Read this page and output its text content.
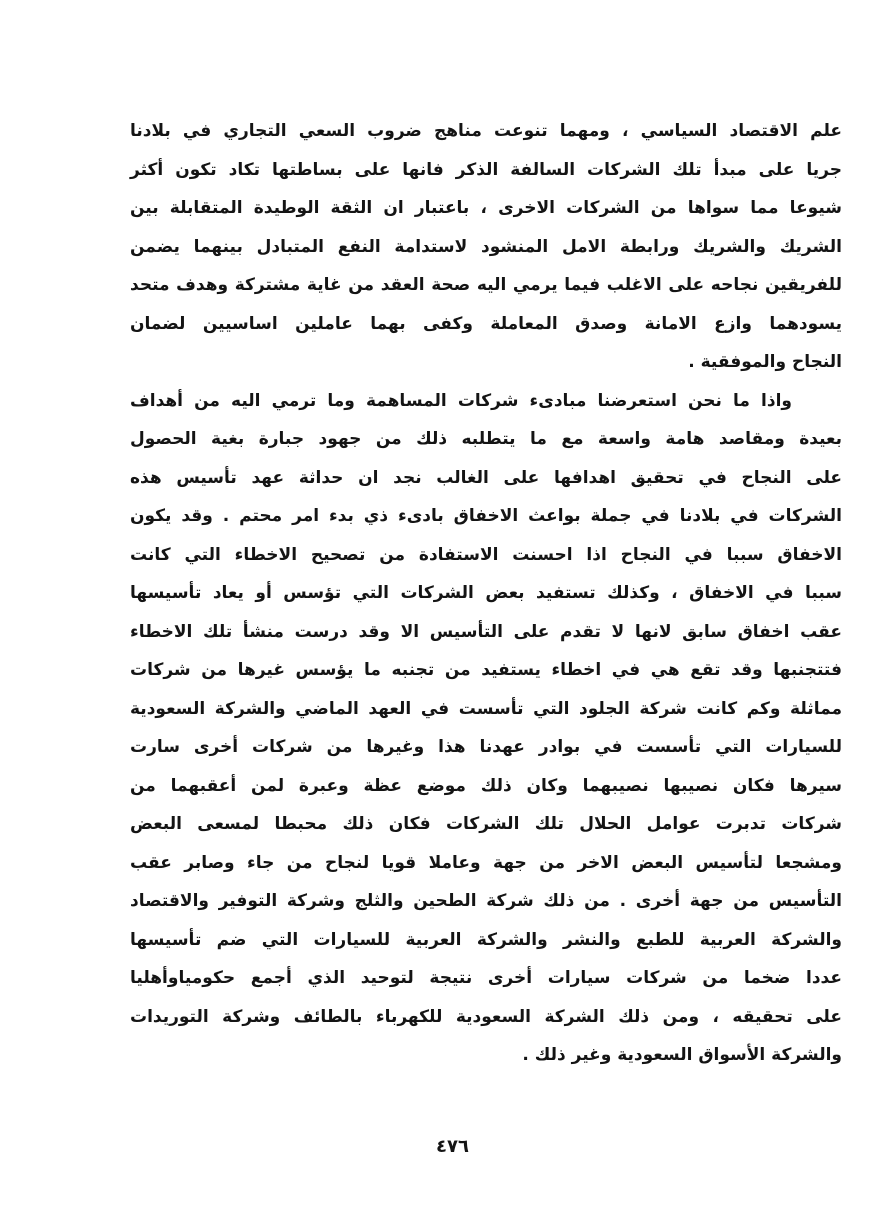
علم الاقتصاد السياسي ، ومهما تنوعت مناهج ضروب السعي التجاري في بلادنا
جريا على مبدأ تلك الشركات السالفة الذكر فانها على بساطتها تكاد تكون أكثر
شيوعا مما سواها من الشركات الاخرى ، باعتبار ان الثقة الوطيدة المتقابلة بين
الشريك والشريك ورابطة الامل المنشود لاستدامة النفع المتبادل بينهما يضمن
للفريقين نجاحه على الاغلب فيما يرمي اليه صحة العقد من غاية مشتركة وهدف متحد
يسودهما وازع الامانة وصدق المعاملة وكفى بهما عاملين اساسيين لضمان
النجاح والموفقية .
واذا ما نحن استعرضنا مبادىء شركات المساهمة وما ترمي اليه من أهداف
بعيدة ومقاصد هامة واسعة مع ما يتطلبه ذلك من جهود جبارة بغية الحصول
على النجاح في تحقيق اهدافها على الغالب نجد ان حداثة عهد تأسيس هذه
الشركات في بلادنا في جملة بواعث الاخفاق بادىء ذي بدء امر محتم . وقد يكون
الاخفاق سببا في النجاح اذا احسنت الاستفادة من تصحيح الاخطاء التي كانت
سببا في الاخفاق ، وكذلك تستفيد بعض الشركات التي تؤسس أو يعاد تأسيسها
عقب اخفاق سابق لانها لا تقدم على التأسيس الا وقد درست منشأ تلك الاخطاء
فتتجنبها وقد تقع هي في اخطاء يستفيد من تجنبه ما يؤسس غيرها من شركات
مماثلة وكم كانت شركة الجلود التي تأسست في العهد الماضي والشركة السعودية
للسيارات التي تأسست في بوادر عهدنا هذا وغيرها من شركات أخرى سارت
سيرها فكان نصيبها نصيبهما وكان ذلك موضع عظة وعبرة لمن أعقبهما من
شركات تدبرت عوامل الحلال تلك الشركات فكان ذلك محبطا لمسعى البعض
ومشجعا لتأسيس البعض الاخر من جهة وعاملا قويا لنجاح من جاء وصابر عقب
التأسيس من جهة أخرى . من ذلك شركة الطحين والثلج وشركة التوفير والاقتصاد
والشركة العربية للطبع والنشر والشركة العربية للسيارات التي ضم تأسيسها
عددا ضخما من شركات سيارات أخرى نتيجة لتوحيد الذي أجمع حكومياوأهليا
على تحقيقه ، ومن ذلك الشركة السعودية للكهرباء بالطائف وشركة التوريدات
والشركة الأسواق السعودية وغير ذلك .
٤٧٦
